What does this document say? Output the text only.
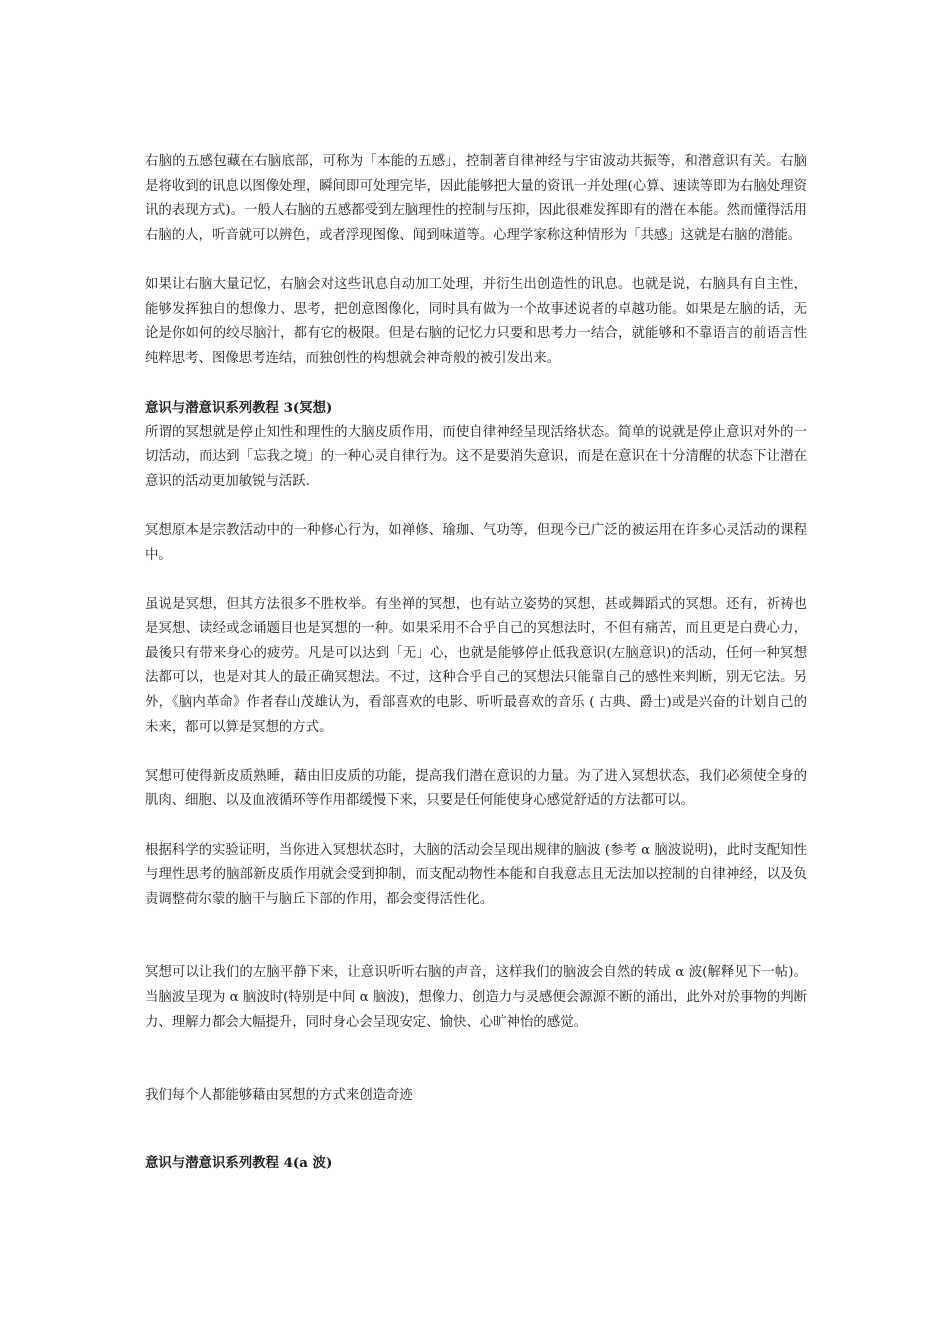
右脑的五感包藏在右脑底部，可称为「本能的五感」，控制著自律神经与宇宙波动共振等，和潜意识有关。右脑是将收到的讯息以图像处理，瞬间即可处理完毕，因此能够把大量的资讯一并处理(心算、速读等即为右脑处理资讯的表现方式)。一般人右脑的五感都受到左脑理性的控制与压抑，因此很难发挥即有的潜在本能。然而懂得活用右脑的人，听音就可以辨色，或者浮现图像、闻到味道等。心理学家称这种情形为「共感」这就是右脑的潜能。

如果让右脑大量记忆，右脑会对这些讯息自动加工处理，并衍生出创造性的讯息。也就是说，右脑具有自主性，能够发挥独自的想像力、思考，把创意图像化，同时具有做为一个故事述说者的卓越功能。如果是左脑的话，无论是你如何的绞尽脑汁，都有它的极限。但是右脑的记忆力只要和思考力一结合，就能够和不靠语言的前语言性纯粹思考、图像思考连结，而独创性的构想就会神奇般的被引发出来。

意识与潜意识系列教程 3(冥想)

所谓的冥想就是停止知性和理性的大脑皮质作用，而使自律神经呈现活络状态。简单的说就是停止意识对外的一切活动，而达到「忘我之境」的一种心灵自律行为。这不是要消失意识，而是在意识在十分清醒的状态下让潜在意识的活动更加敏锐与活跃.

冥想原本是宗教活动中的一种修心行为，如禅修、瑜珈、气功等，但现今已广泛的被运用在许多心灵活动的课程中。

虽说是冥想，但其方法很多不胜枚举。有坐禅的冥想，也有站立姿势的冥想，甚或舞蹈式的冥想。还有，祈祷也是冥想、读经或念诵题目也是冥想的一种。如果采用不合乎自己的冥想法时，不但有痛苦，而且更是白费心力，最後只有带来身心的疲劳。凡是可以达到「无」心，也就是能够停止低我意识(左脑意识)的活动，任何一种冥想法都可以，也是对其人的最正确冥想法。不过，这种合乎自己的冥想法只能靠自己的感性来判断，别无它法。另外，《脑内革命》作者春山茂雄认为，看部喜欢的电影、听听最喜欢的音乐 ( 古典、爵士)或是兴奋的计划自己的未来，都可以算是冥想的方式。

冥想可使得新皮质熟睡，藉由旧皮质的功能，提高我们潜在意识的力量。为了进入冥想状态，我们必须使全身的肌肉、细胞、以及血液循环等作用都缓慢下来，只要是任何能使身心感觉舒适的方法都可以。

根据科学的实验证明，当你进入冥想状态时，大脑的活动会呈现出规律的脑波 (参考 α 脑波说明)，此时支配知性与理性思考的脑部新皮质作用就会受到抑制，而支配动物性本能和自我意志且无法加以控制的自律神经，以及负责调整荷尔蒙的脑干与脑丘下部的作用，都会变得活性化。

冥想可以让我们的左脑平静下来，让意识听听右脑的声音，这样我们的脑波会自然的转成 α 波(解释见下一帖)。当脑波呈现为 α 脑波时(特别是中间 α 脑波)，想像力、创造力与灵感便会源源不断的涌出，此外对於事物的判断力、理解力都会大幅提升，同时身心会呈现安定、愉快、心旷神怡的感觉。

我们每个人都能够藉由冥想的方式来创造奇迹

意识与潜意识系列教程 4(a 波)
